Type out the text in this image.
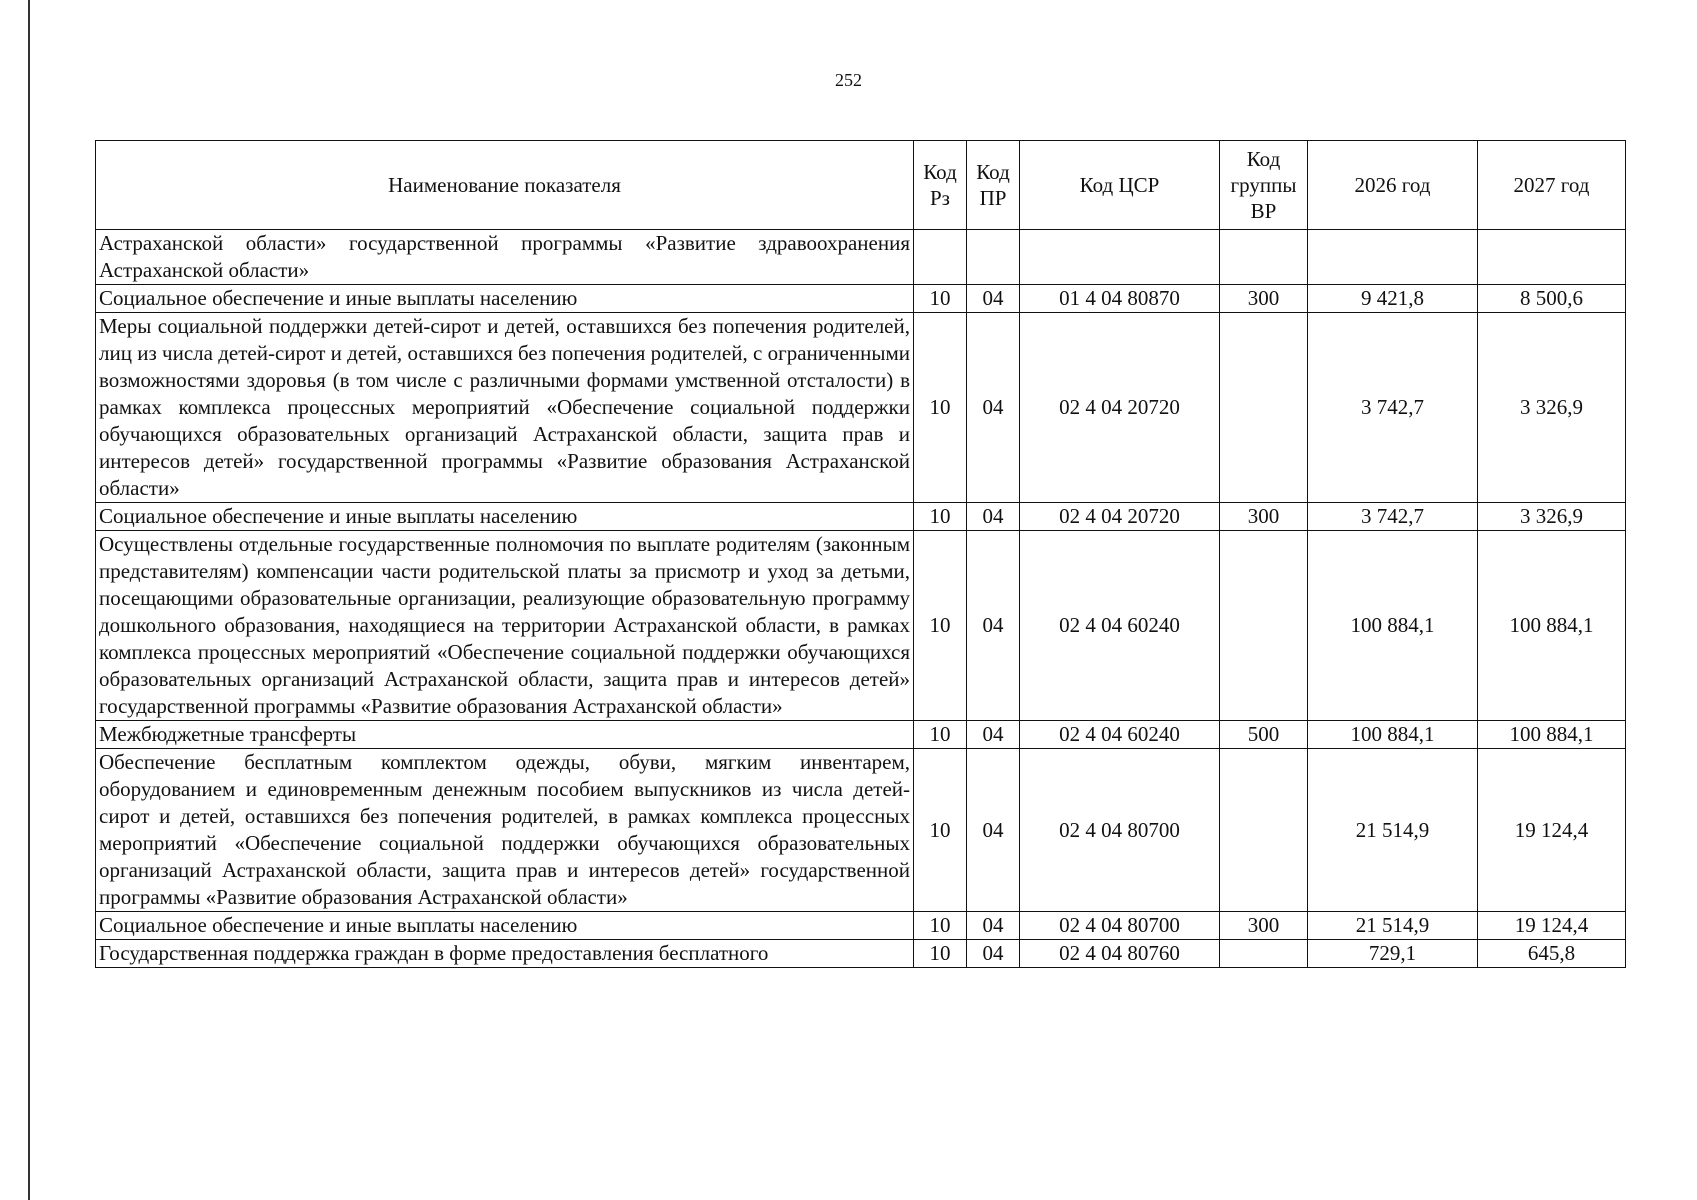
252
Наименование показателя	Код Рз	Код ПР	Код ЦСР	Код группы ВР	2026 год	2027 год
Астраханской области» государственной программы «Развитие здравоохранения Астраханской области»						
Социальное обеспечение и иные выплаты населению	10	04	01 4 04 80870	300	9 421,8	8 500,6
Меры социальной поддержки детей-сирот и детей, оставшихся без попечения родителей, лиц из числа детей-сирот и детей, оставшихся без попечения родителей, с ограниченными возможностями здоровья (в том числе с различными формами умственной отсталости) в рамках комплекса процессных мероприятий «Обеспечение социальной поддержки обучающихся образовательных организаций Астраханской области, защита прав и интересов детей» государственной программы «Развитие образования Астраханской области»	10	04	02 4 04 20720		3 742,7	3 326,9
Социальное обеспечение и иные выплаты населению	10	04	02 4 04 20720	300	3 742,7	3 326,9
Осуществлены отдельные государственные полномочия по выплате родителям (законным представителям) компенсации части родительской платы за присмотр и уход за детьми, посещающими образовательные организации, реализующие образовательную программу дошкольного образования, находящиеся на территории Астраханской области, в рамках комплекса процессных мероприятий «Обеспечение социальной поддержки обучающихся образовательных организаций Астраханской области, защита прав и интересов детей» государственной программы «Развитие образования Астраханской области»	10	04	02 4 04 60240		100 884,1	100 884,1
Межбюджетные трансферты	10	04	02 4 04 60240	500	100 884,1	100 884,1
Обеспечение бесплатным комплектом одежды, обуви, мягким инвентарем, оборудованием и единовременным денежным пособием выпускников из числа детей-сирот и детей, оставшихся без попечения родителей, в рамках комплекса процессных мероприятий «Обеспечение социальной поддержки обучающихся образовательных организаций Астраханской области, защита прав и интересов детей» государственной программы «Развитие образования Астраханской области»	10	04	02 4 04 80700		21 514,9	19 124,4
Социальное обеспечение и иные выплаты населению	10	04	02 4 04 80700	300	21 514,9	19 124,4
Государственная поддержка граждан в форме предоставления бесплатного	10	04	02 4 04 80760		729,1	645,8
